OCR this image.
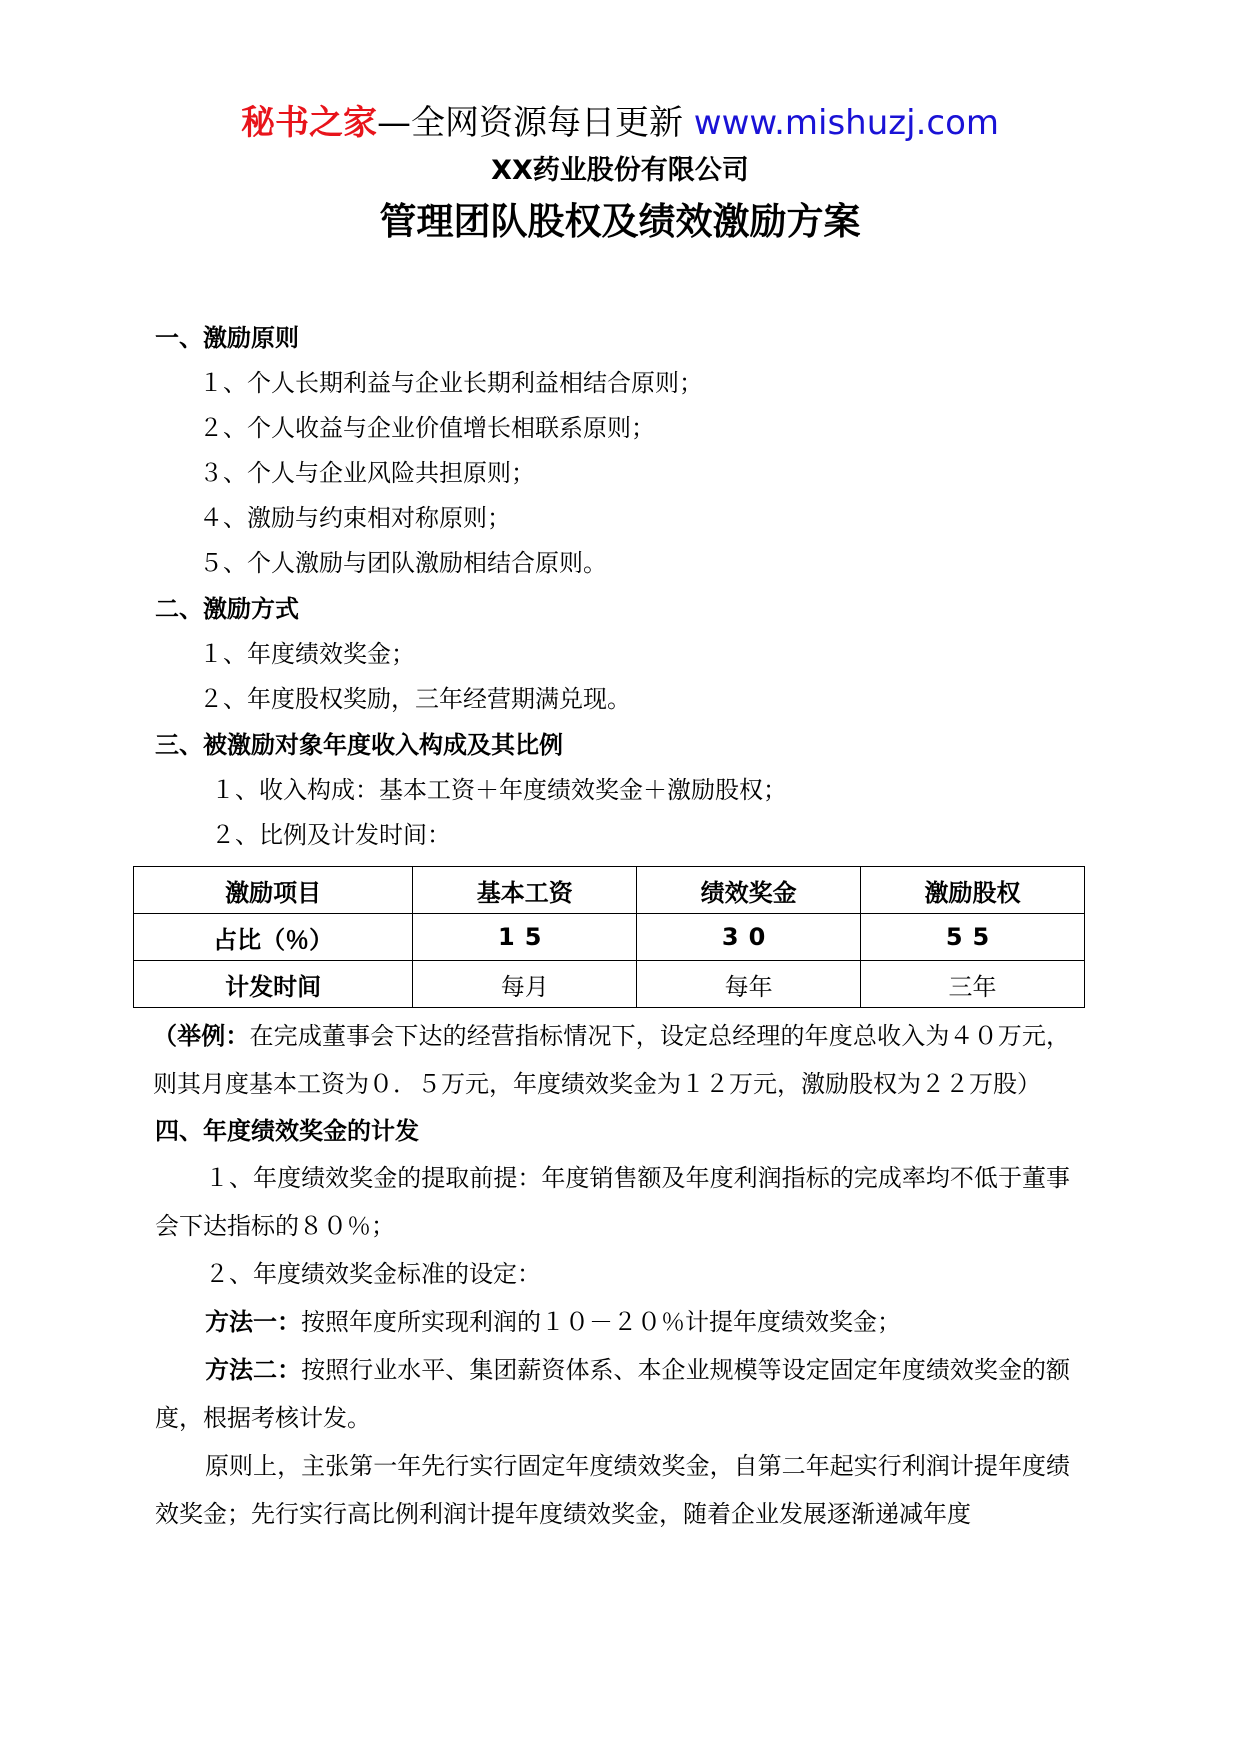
秘书之家—全网资源每日更新 www.mishuzj.com
XX药业股份有限公司
管理团队股权及绩效激励方案

一、激励原则

１、个人长期利益与企业长期利益相结合原则；

２、个人收益与企业价值增长相联系原则；

３、个人与企业风险共担原则；

４、激励与约束相对称原则；

５、个人激励与团队激励相结合原则。

二、激励方式

１、年度绩效奖金；

２、年度股权奖励，三年经营期满兑现。

三、被激励对象年度收入构成及其比例

１、收入构成：基本工资＋年度绩效奖金＋激励股权；

２、比例及计发时间：

激励项目	基本工资	绩效奖金	激励股权
占比（％）	15	30	55
计发时间	每月	每年	三年

（举例：在完成董事会下达的经营指标情况下，设定总经理的年度总收入为４０万元，则其月度基本工资为０．５万元，年度绩效奖金为１２万元，激励股权为２２万股）

四、年度绩效奖金的计发

１、年度绩效奖金的提取前提：年度销售额及年度利润指标的完成率均不低于董事会下达指标的８０％；

２、年度绩效奖金标准的设定：

方法一：按照年度所实现利润的１０－２０％计提年度绩效奖金；

方法二：按照行业水平、集团薪资体系、本企业规模等设定固定年度绩效奖金的额度，根据考核计发。

原则上，主张第一年先行实行固定年度绩效奖金，自第二年起实行利润计提年度绩效奖金；先行实行高比例利润计提年度绩效奖金，随着企业发展逐渐递减年度
